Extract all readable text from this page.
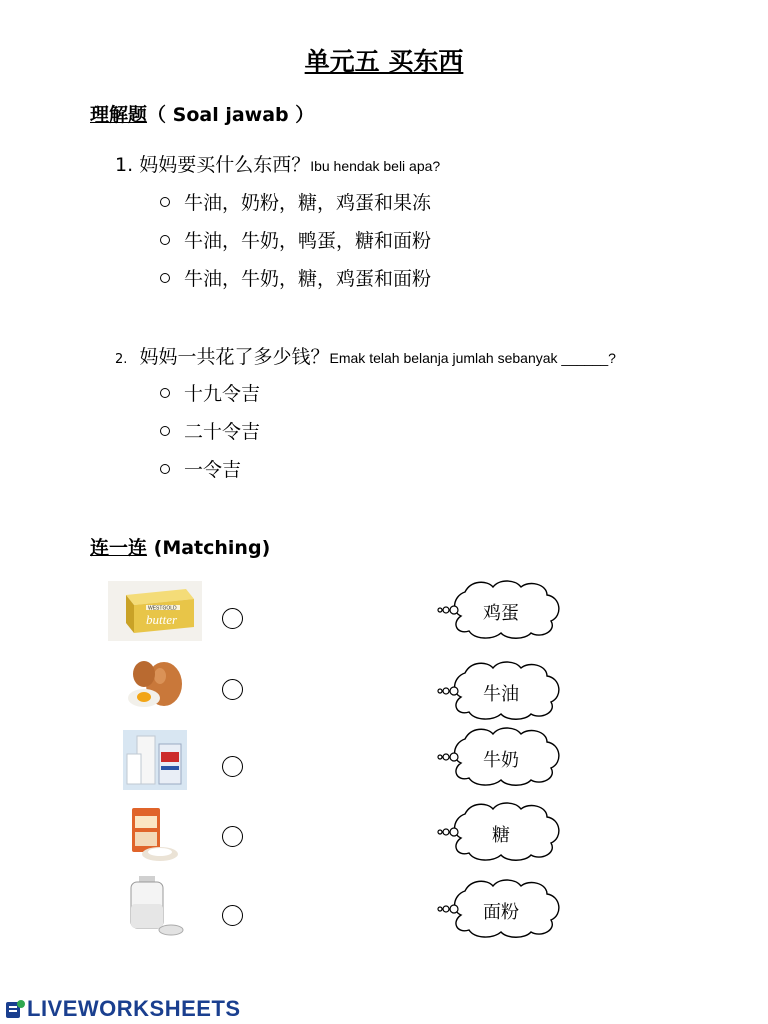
单元五 买东西
理解题（ Soal jawab ）
1. 妈妈要买什么东西？Ibu hendak beli apa?
牛油，奶粉，糖，鸡蛋和果冻
牛油，牛奶，鸭蛋，糖和面粉
牛油，牛奶，糖，鸡蛋和面粉
2. 妈妈一共花了多少钱？Emak telah belanja jumlah sebanyak ______?
十九令吉
二十令吉
一令吉
连一连 (Matching)
WESTGOLD
butter	鸡蛋
牛油
牛奶
糖
面粉
LIVEWORKSHEETS
